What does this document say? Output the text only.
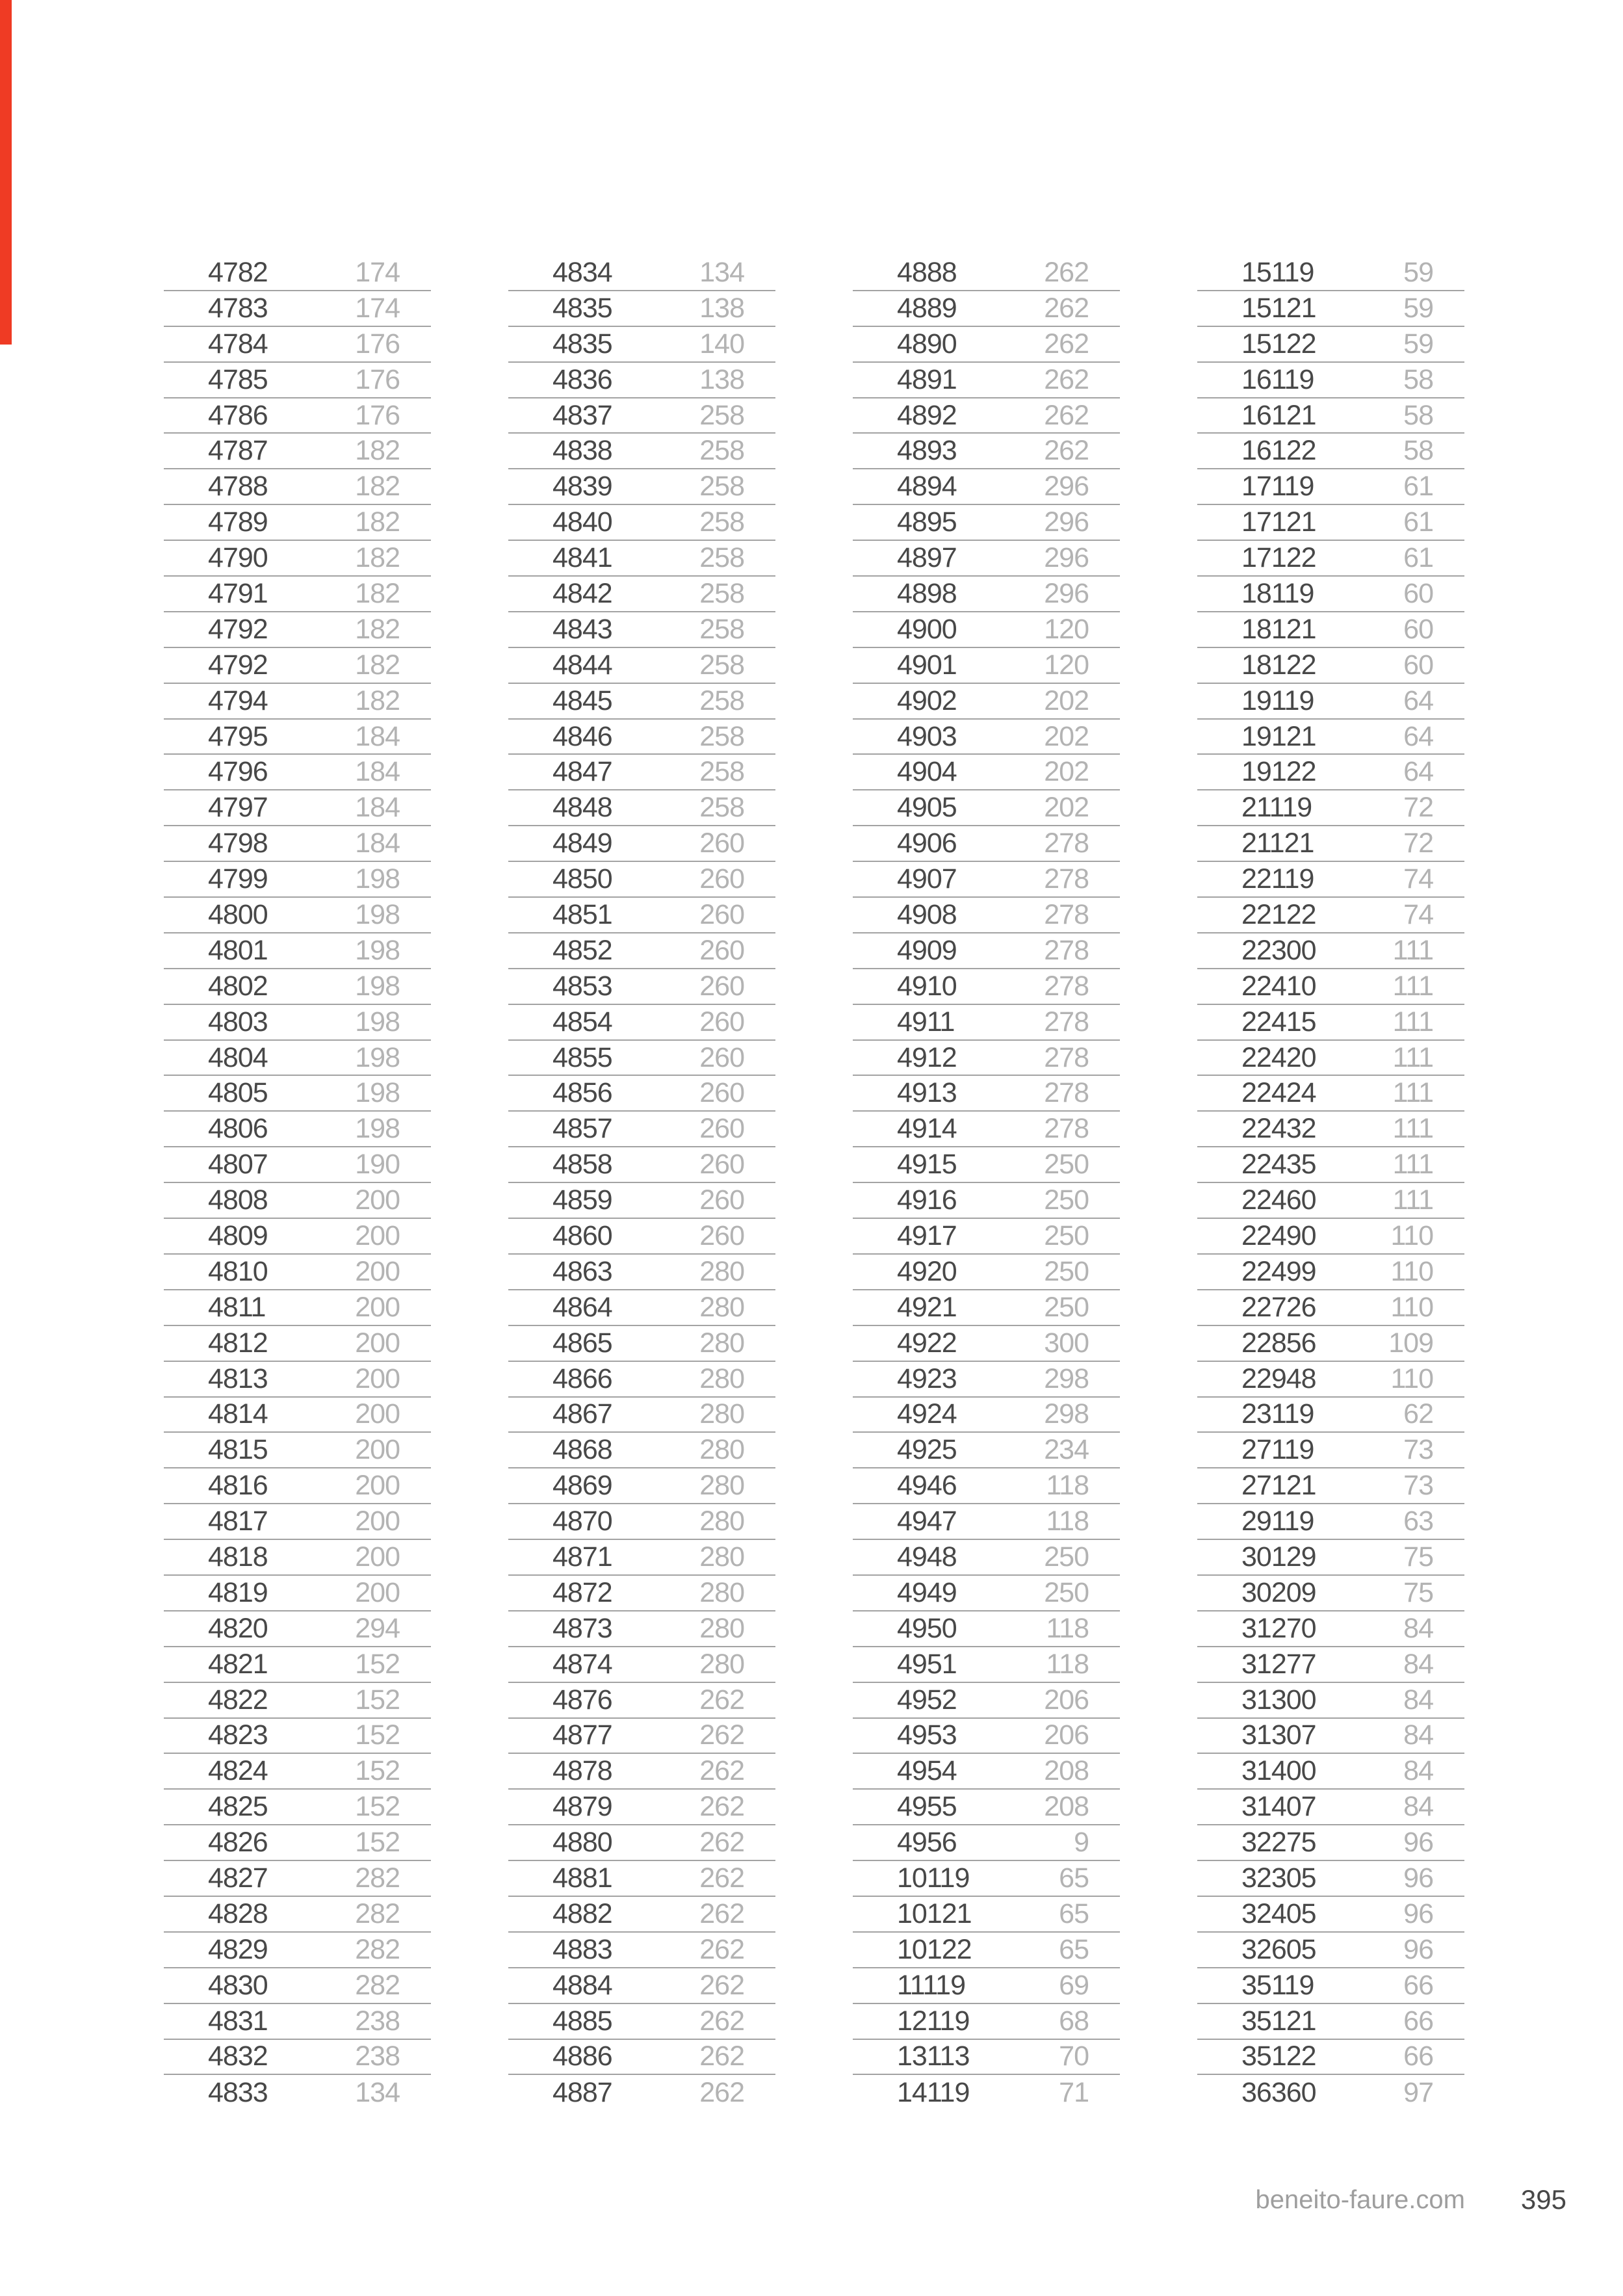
4782	174
4783	174
4784	176
4785	176
4786	176
4787	182
4788	182
4789	182
4790	182
4791	182
4792	182
4792	182
4794	182
4795	184
4796	184
4797	184
4798	184
4799	198
4800	198
4801	198
4802	198
4803	198
4804	198
4805	198
4806	198
4807	190
4808	200
4809	200
4810	200
4811	200
4812	200
4813	200
4814	200
4815	200
4816	200
4817	200
4818	200
4819	200
4820	294
4821	152
4822	152
4823	152
4824	152
4825	152
4826	152
4827	282
4828	282
4829	282
4830	282
4831	238
4832	238
4833	134
4834	134
4835	138
4835	140
4836	138
4837	258
4838	258
4839	258
4840	258
4841	258
4842	258
4843	258
4844	258
4845	258
4846	258
4847	258
4848	258
4849	260
4850	260
4851	260
4852	260
4853	260
4854	260
4855	260
4856	260
4857	260
4858	260
4859	260
4860	260
4863	280
4864	280
4865	280
4866	280
4867	280
4868	280
4869	280
4870	280
4871	280
4872	280
4873	280
4874	280
4876	262
4877	262
4878	262
4879	262
4880	262
4881	262
4882	262
4883	262
4884	262
4885	262
4886	262
4887	262
4888	262
4889	262
4890	262
4891	262
4892	262
4893	262
4894	296
4895	296
4897	296
4898	296
4900	120
4901	120
4902	202
4903	202
4904	202
4905	202
4906	278
4907	278
4908	278
4909	278
4910	278
4911	278
4912	278
4913	278
4914	278
4915	250
4916	250
4917	250
4920	250
4921	250
4922	300
4923	298
4924	298
4925	234
4946	118
4947	118
4948	250
4949	250
4950	118
4951	118
4952	206
4953	206
4954	208
4955	208
4956	9
10119	65
10121	65
10122	65
11119	69
12119	68
13113	70
14119	71
15119	59
15121	59
15122	59
16119	58
16121	58
16122	58
17119	61
17121	61
17122	61
18119	60
18121	60
18122	60
19119	64
19121	64
19122	64
21119	72
21121	72
22119	74
22122	74
22300	111
22410	111
22415	111
22420	111
22424	111
22432	111
22435	111
22460	111
22490	110
22499	110
22726	110
22856	109
22948	110
23119	62
27119	73
27121	73
29119	63
30129	75
30209	75
31270	84
31277	84
31300	84
31307	84
31400	84
31407	84
32275	96
32305	96
32405	96
32605	96
35119	66
35121	66
35122	66
36360	97
beneito-faure.com 395
